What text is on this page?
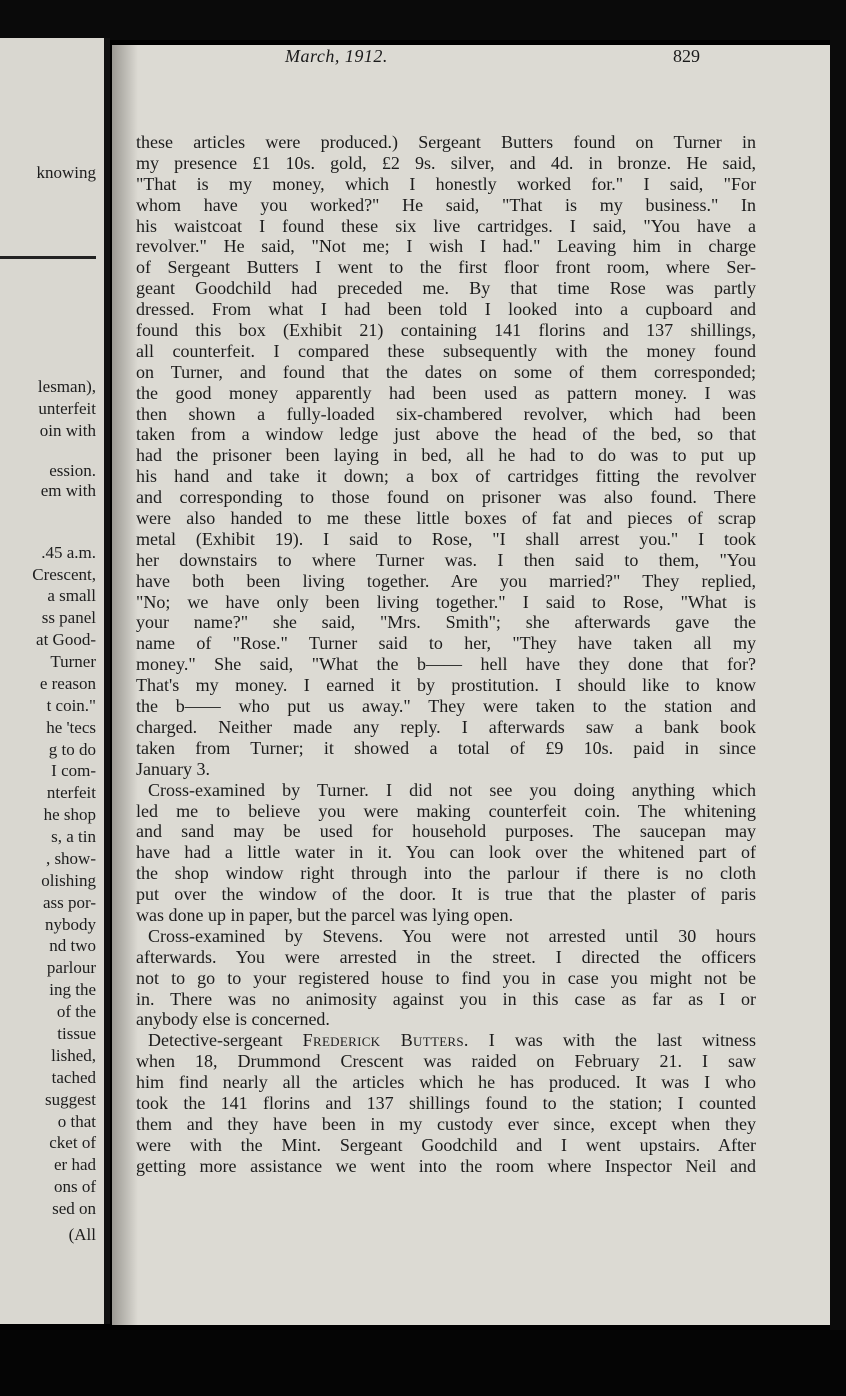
knowing
lesman),
unterfeit
oin with
ession.
em with
.45 a.m.
Crescent,
a small
ss panel
at Good-
Turner
e reason
t coin."
he 'tecs
g to do
I com-
nterfeit
he shop
s, a tin
, show-
olishing
ass por-
nybody
nd two
parlour
ing the
of the
tissue
lished,
tached
suggest
o that
cket of
er had
ons of
sed on
(All
March, 1912.	829
these articles were produced.) Sergeant Butters found on Turner in
my presence £1 10s. gold, £2 9s. silver, and 4d. in bronze. He said,
"That is my money, which I honestly worked for." I said, "For
whom have you worked?" He said, "That is my business." In
his waistcoat I found these six live cartridges. I said, "You have a
revolver." He said, "Not me; I wish I had." Leaving him in charge
of Sergeant Butters I went to the first floor front room, where Ser-
geant Goodchild had preceded me. By that time Rose was partly
dressed. From what I had been told I looked into a cupboard and
found this box (Exhibit 21) containing 141 florins and 137 shillings,
all counterfeit. I compared these subsequently with the money found
on Turner, and found that the dates on some of them corresponded;
the good money apparently had been used as pattern money. I was
then shown a fully-loaded six-chambered revolver, which had been
taken from a window ledge just above the head of the bed, so that
had the prisoner been laying in bed, all he had to do was to put up
his hand and take it down; a box of cartridges fitting the revolver
and corresponding to those found on prisoner was also found. There
were also handed to me these little boxes of fat and pieces of scrap
metal (Exhibit 19). I said to Rose, "I shall arrest you." I took
her downstairs to where Turner was. I then said to them, "You
have both been living together. Are you married?" They replied,
"No; we have only been living together." I said to Rose, "What is
your name?" she said, "Mrs. Smith"; she afterwards gave the
name of "Rose." Turner said to her, "They have taken all my
money." She said, "What the b—— hell have they done that for?
That's my money. I earned it by prostitution. I should like to know
the b—— who put us away." They were taken to the station and
charged. Neither made any reply. I afterwards saw a bank book
taken from Turner; it showed a total of £9 10s. paid in since
January 3.
Cross-examined by Turner. I did not see you doing anything which
led me to believe you were making counterfeit coin. The whitening
and sand may be used for household purposes. The saucepan may
have had a little water in it. You can look over the whitened part of
the shop window right through into the parlour if there is no cloth
put over the window of the door. It is true that the plaster of paris
was done up in paper, but the parcel was lying open.
Cross-examined by Stevens. You were not arrested until 30 hours
afterwards. You were arrested in the street. I directed the officers
not to go to your registered house to find you in case you might not be
in. There was no animosity against you in this case as far as I or
anybody else is concerned.
Detective-sergeant Frederick Butters. I was with the last witness
when 18, Drummond Crescent was raided on February 21. I saw
him find nearly all the articles which he has produced. It was I who
took the 141 florins and 137 shillings found to the station; I counted
them and they have been in my custody ever since, except when they
were with the Mint. Sergeant Goodchild and I went upstairs. After
getting more assistance we went into the room where Inspector Neil and
